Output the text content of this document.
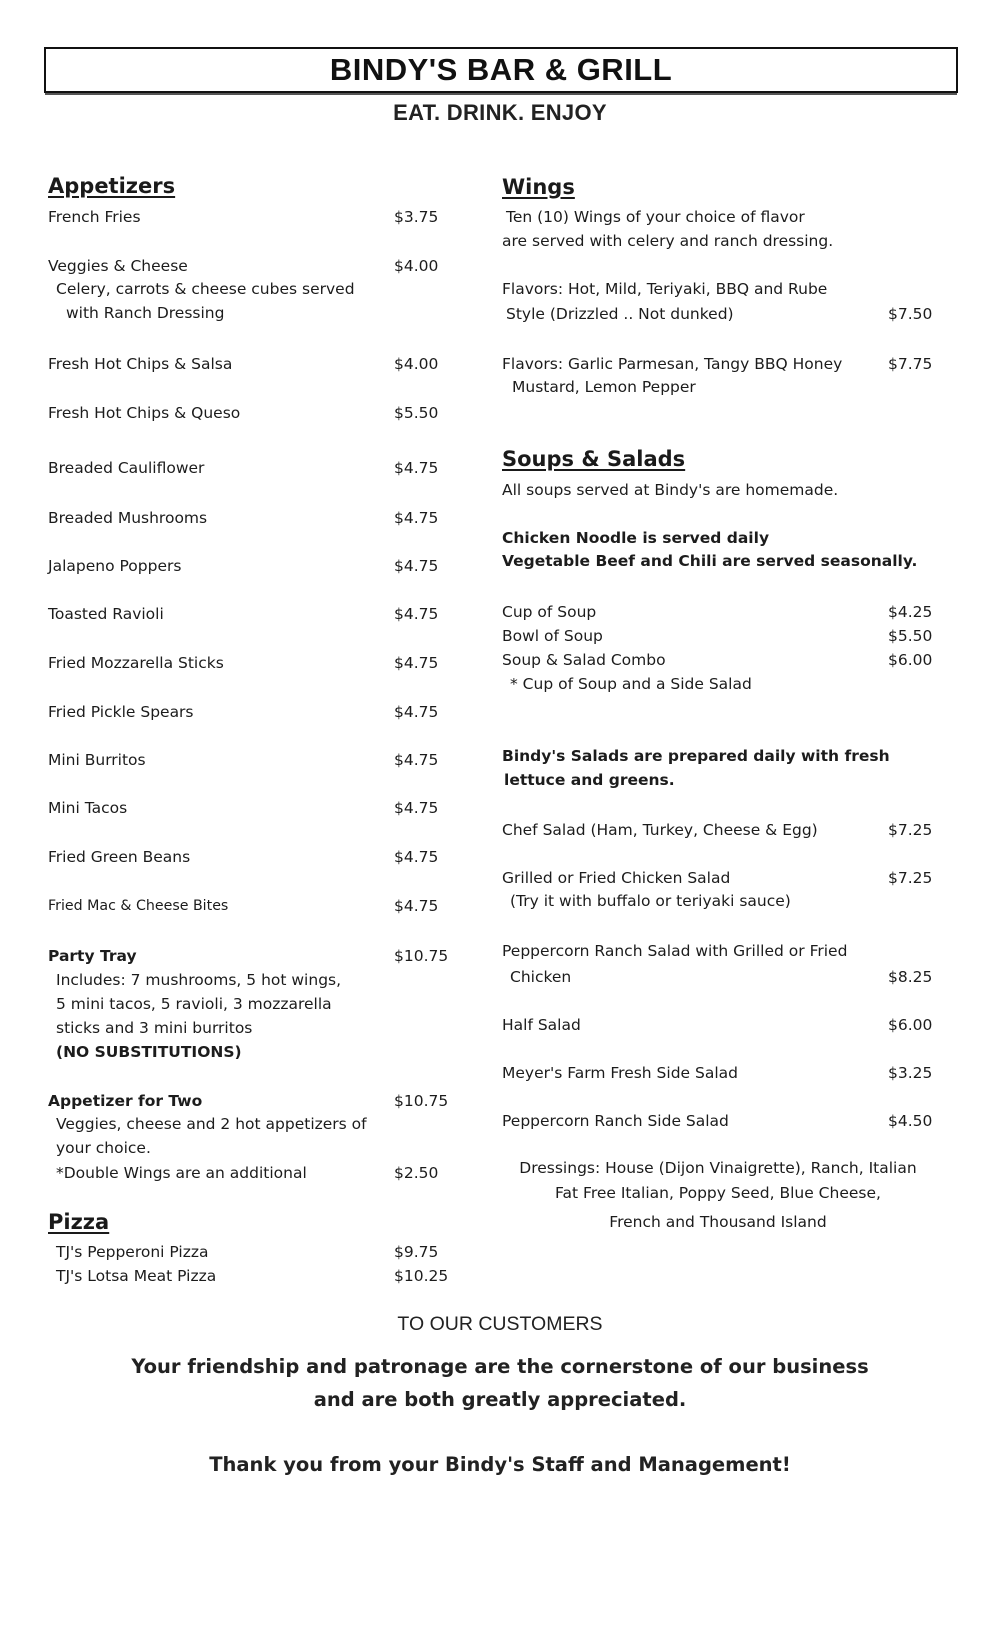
BINDY'S BAR & GRILL
EAT. DRINK. ENJOY
Appetizers
French Fries	$3.75
Veggies & Cheese	$4.00
Celery, carrots & cheese cubes served
with Ranch Dressing
Fresh Hot Chips & Salsa	$4.00
Fresh Hot Chips & Queso	$5.50
Breaded Cauliflower	$4.75
Breaded Mushrooms	$4.75
Jalapeno Poppers	$4.75
Toasted Ravioli	$4.75
Fried Mozzarella Sticks	$4.75
Fried Pickle Spears	$4.75
Mini Burritos	$4.75
Mini Tacos	$4.75
Fried Green Beans	$4.75
Fried Mac & Cheese Bites	$4.75
Party Tray	$10.75
Includes: 7 mushrooms, 5 hot wings,
5 mini tacos, 5 ravioli, 3 mozzarella
sticks and 3 mini burritos
(NO SUBSTITUTIONS)
Appetizer for Two	$10.75
Veggies, cheese and 2 hot appetizers of
your choice.
*Double Wings are an additional	$2.50
Pizza
TJ's Pepperoni Pizza	$9.75
TJ's Lotsa Meat Pizza	$10.25
Wings
Ten (10) Wings of your choice of flavor
are served with celery and ranch dressing.
Flavors: Hot, Mild, Teriyaki, BBQ and Rube
Style (Drizzled .. Not dunked)	$7.50
Flavors: Garlic Parmesan, Tangy BBQ Honey	$7.75
Mustard, Lemon Pepper
Soups & Salads
All soups served at Bindy's are homemade.
Chicken Noodle is served daily
Vegetable Beef and Chili are served seasonally.
Cup of Soup	$4.25
Bowl of Soup	$5.50
Soup & Salad Combo	$6.00
* Cup of Soup and a Side Salad
Bindy's Salads are prepared daily with fresh
lettuce and greens.
Chef Salad (Ham, Turkey, Cheese & Egg)	$7.25
Grilled or Fried Chicken Salad	$7.25
(Try it with buffalo or teriyaki sauce)
Peppercorn Ranch Salad with Grilled or Fried
Chicken	$8.25
Half Salad	$6.00
Meyer's Farm Fresh Side Salad	$3.25
Peppercorn Ranch Side Salad	$4.50
Dressings: House (Dijon Vinaigrette), Ranch, Italian
Fat Free Italian, Poppy Seed, Blue Cheese,
French and Thousand Island
TO OUR CUSTOMERS
Your friendship and patronage are the cornerstone of our business
and are both greatly appreciated.
Thank you from your Bindy's Staff and Management!
